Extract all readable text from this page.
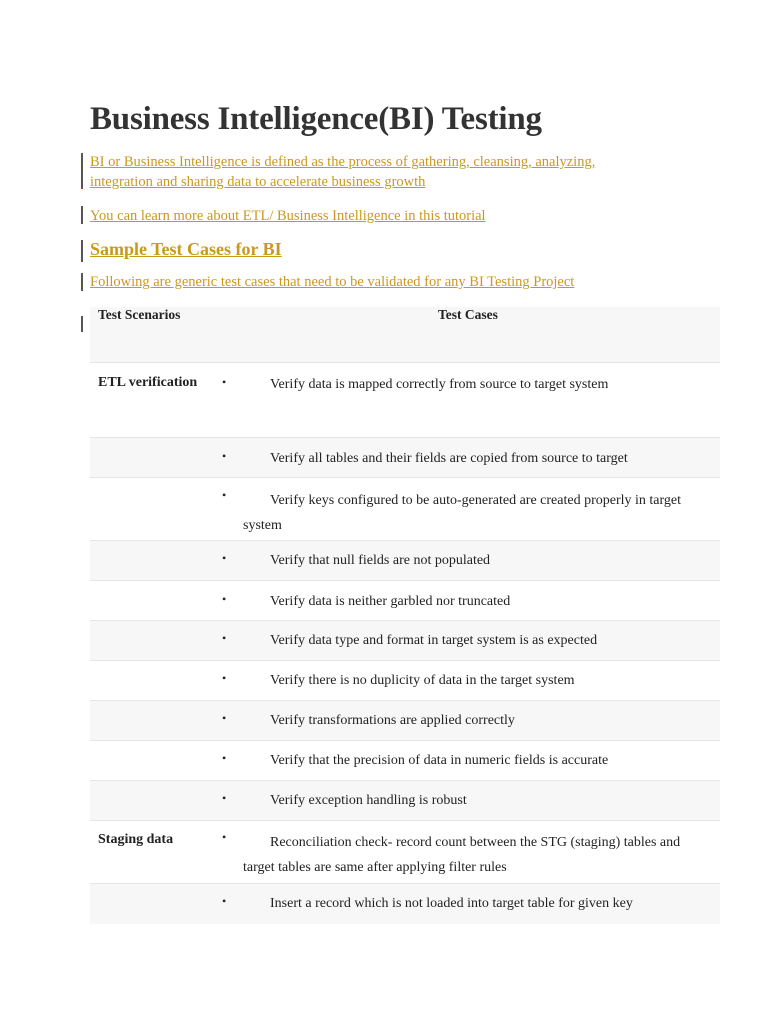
Business Intelligence(BI) Testing
BI or Business Intelligence is defined as the process of gathering, cleansing, analyzing,
integration and sharing data to accelerate business growth
You can learn more about ETL/ Business Intelligence in this tutorial
Sample Test Cases for BI
Following are generic test cases that need to be validated for any BI Testing Project
Test Scenarios	Test Cases
ETL verification	• Verify data is mapped correctly from source to target system

	• Verify all tables and their fields are copied from source to target

	• Verify keys configured to be auto-generated are created properly in target system

	• Verify that null fields are not populated

	• Verify data is neither garbled nor truncated

	• Verify data type and format in target system is as expected

	• Verify there is no duplicity of data in the target system

	• Verify transformations are applied correctly

	• Verify that the precision of data in numeric fields is accurate

	• Verify exception handling is robust

Staging data	• Reconciliation check- record count between the STG (staging) tables and target tables are same after applying filter rules

	• Insert a record which is not loaded into target table for given key
